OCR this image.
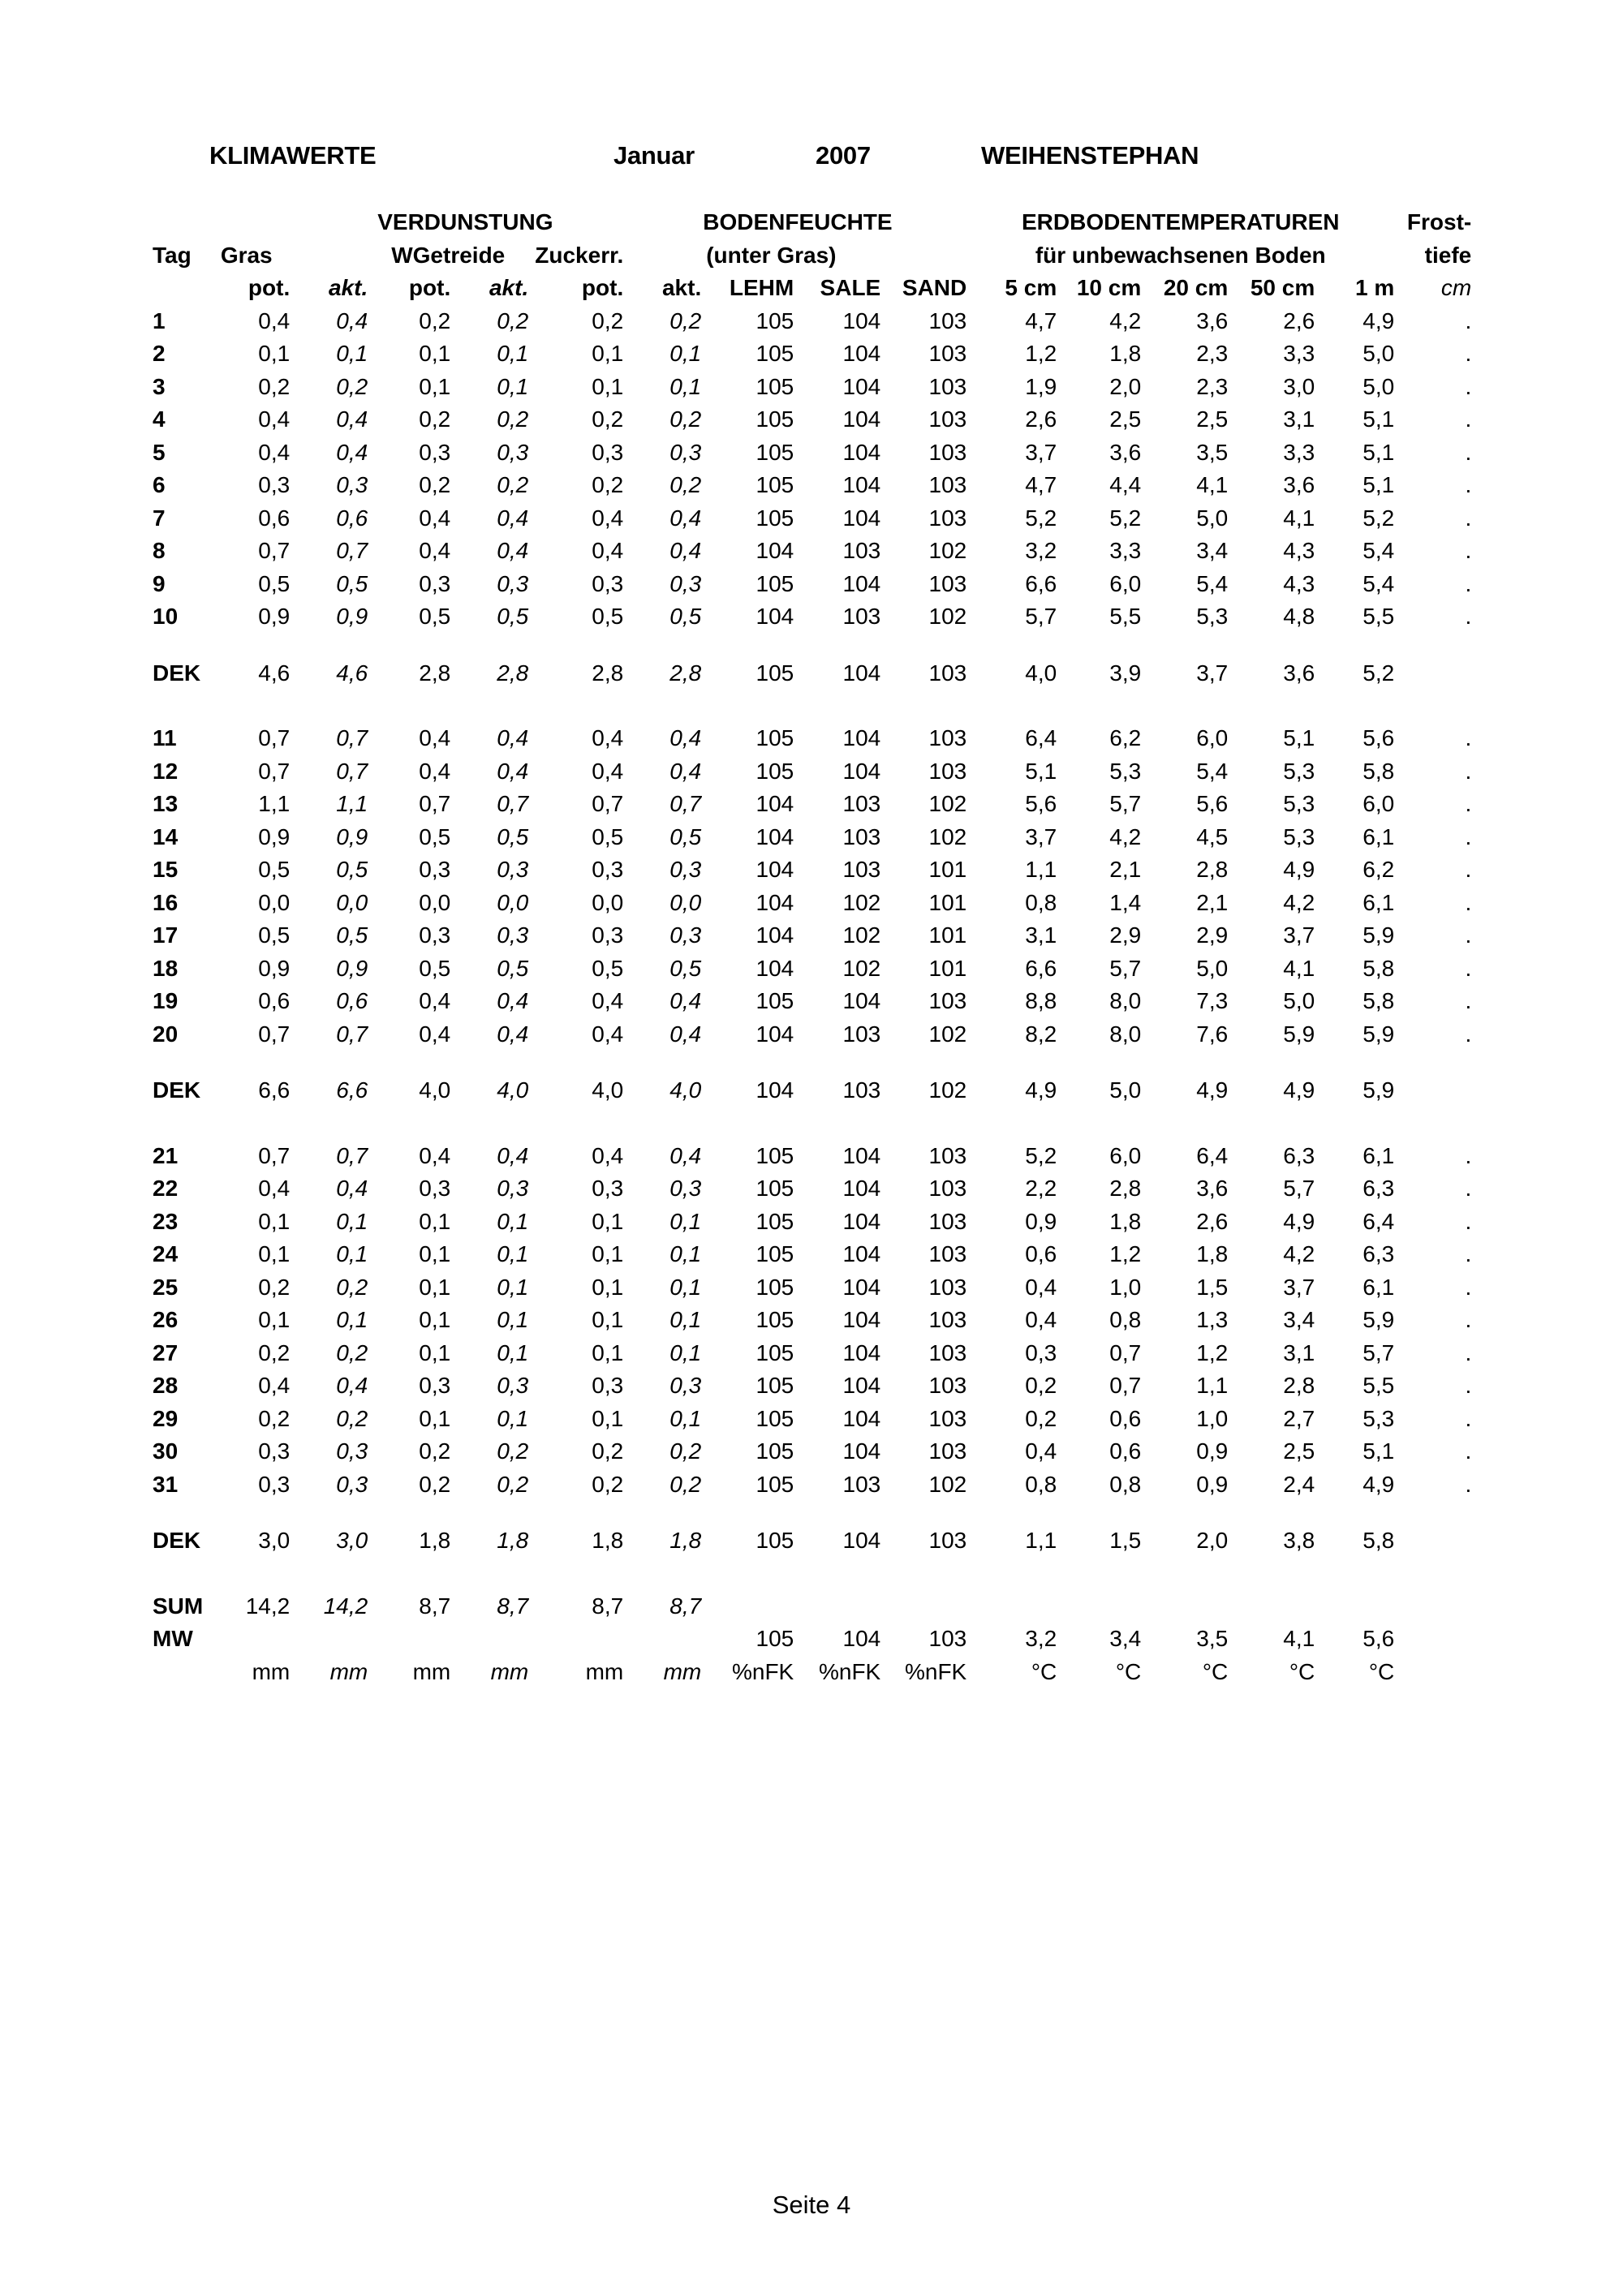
KLIMAWERTE	Januar	2007	WEIHENSTEPHAN
			VERDUNSTUNG				BODENFEUCHTE			ERDBODENTEMPERATUREN					Frost-
Tag	Gras		WGetreide		Zuckerr.		(unter Gras)			für unbewachsenen Boden					tiefe
	pot.	akt.	pot.	akt.	pot.	akt.	LEHM	SALE	SAND	5 cm	10 cm	20 cm	50 cm	1 m	cm
1	0,4	0,4	0,2	0,2	0,2	0,2	105	104	103	4,7	4,2	3,6	2,6	4,9	.
2	0,1	0,1	0,1	0,1	0,1	0,1	105	104	103	1,2	1,8	2,3	3,3	5,0	.
3	0,2	0,2	0,1	0,1	0,1	0,1	105	104	103	1,9	2,0	2,3	3,0	5,0	.
4	0,4	0,4	0,2	0,2	0,2	0,2	105	104	103	2,6	2,5	2,5	3,1	5,1	.
5	0,4	0,4	0,3	0,3	0,3	0,3	105	104	103	3,7	3,6	3,5	3,3	5,1	.
6	0,3	0,3	0,2	0,2	0,2	0,2	105	104	103	4,7	4,4	4,1	3,6	5,1	.
7	0,6	0,6	0,4	0,4	0,4	0,4	105	104	103	5,2	5,2	5,0	4,1	5,2	.
8	0,7	0,7	0,4	0,4	0,4	0,4	104	103	102	3,2	3,3	3,4	4,3	5,4	.
9	0,5	0,5	0,3	0,3	0,3	0,3	105	104	103	6,6	6,0	5,4	4,3	5,4	.
10	0,9	0,9	0,5	0,5	0,5	0,5	104	103	102	5,7	5,5	5,3	4,8	5,5	.

DEK	4,6	4,6	2,8	2,8	2,8	2,8	105	104	103	4,0	3,9	3,7	3,6	5,2	

11	0,7	0,7	0,4	0,4	0,4	0,4	105	104	103	6,4	6,2	6,0	5,1	5,6	.
12	0,7	0,7	0,4	0,4	0,4	0,4	105	104	103	5,1	5,3	5,4	5,3	5,8	.
13	1,1	1,1	0,7	0,7	0,7	0,7	104	103	102	5,6	5,7	5,6	5,3	6,0	.
14	0,9	0,9	0,5	0,5	0,5	0,5	104	103	102	3,7	4,2	4,5	5,3	6,1	.
15	0,5	0,5	0,3	0,3	0,3	0,3	104	103	101	1,1	2,1	2,8	4,9	6,2	.
16	0,0	0,0	0,0	0,0	0,0	0,0	104	102	101	0,8	1,4	2,1	4,2	6,1	.
17	0,5	0,5	0,3	0,3	0,3	0,3	104	102	101	3,1	2,9	2,9	3,7	5,9	.
18	0,9	0,9	0,5	0,5	0,5	0,5	104	102	101	6,6	5,7	5,0	4,1	5,8	.
19	0,6	0,6	0,4	0,4	0,4	0,4	105	104	103	8,8	8,0	7,3	5,0	5,8	.
20	0,7	0,7	0,4	0,4	0,4	0,4	104	103	102	8,2	8,0	7,6	5,9	5,9	.

DEK	6,6	6,6	4,0	4,0	4,0	4,0	104	103	102	4,9	5,0	4,9	4,9	5,9	

21	0,7	0,7	0,4	0,4	0,4	0,4	105	104	103	5,2	6,0	6,4	6,3	6,1	.
22	0,4	0,4	0,3	0,3	0,3	0,3	105	104	103	2,2	2,8	3,6	5,7	6,3	.
23	0,1	0,1	0,1	0,1	0,1	0,1	105	104	103	0,9	1,8	2,6	4,9	6,4	.
24	0,1	0,1	0,1	0,1	0,1	0,1	105	104	103	0,6	1,2	1,8	4,2	6,3	.
25	0,2	0,2	0,1	0,1	0,1	0,1	105	104	103	0,4	1,0	1,5	3,7	6,1	.
26	0,1	0,1	0,1	0,1	0,1	0,1	105	104	103	0,4	0,8	1,3	3,4	5,9	.
27	0,2	0,2	0,1	0,1	0,1	0,1	105	104	103	0,3	0,7	1,2	3,1	5,7	.
28	0,4	0,4	0,3	0,3	0,3	0,3	105	104	103	0,2	0,7	1,1	2,8	5,5	.
29	0,2	0,2	0,1	0,1	0,1	0,1	105	104	103	0,2	0,6	1,0	2,7	5,3	.
30	0,3	0,3	0,2	0,2	0,2	0,2	105	104	103	0,4	0,6	0,9	2,5	5,1	.
31	0,3	0,3	0,2	0,2	0,2	0,2	105	103	102	0,8	0,8	0,9	2,4	4,9	.

DEK	3,0	3,0	1,8	1,8	1,8	1,8	105	104	103	1,1	1,5	2,0	3,8	5,8	

SUM	14,2	14,2	8,7	8,7	8,7	8,7									
MW							105	104	103	3,2	3,4	3,5	4,1	5,6	
	mm	mm	mm	mm	mm	mm	%nFK	%nFK	%nFK	°C	°C	°C	°C	°C	
Seite 4
